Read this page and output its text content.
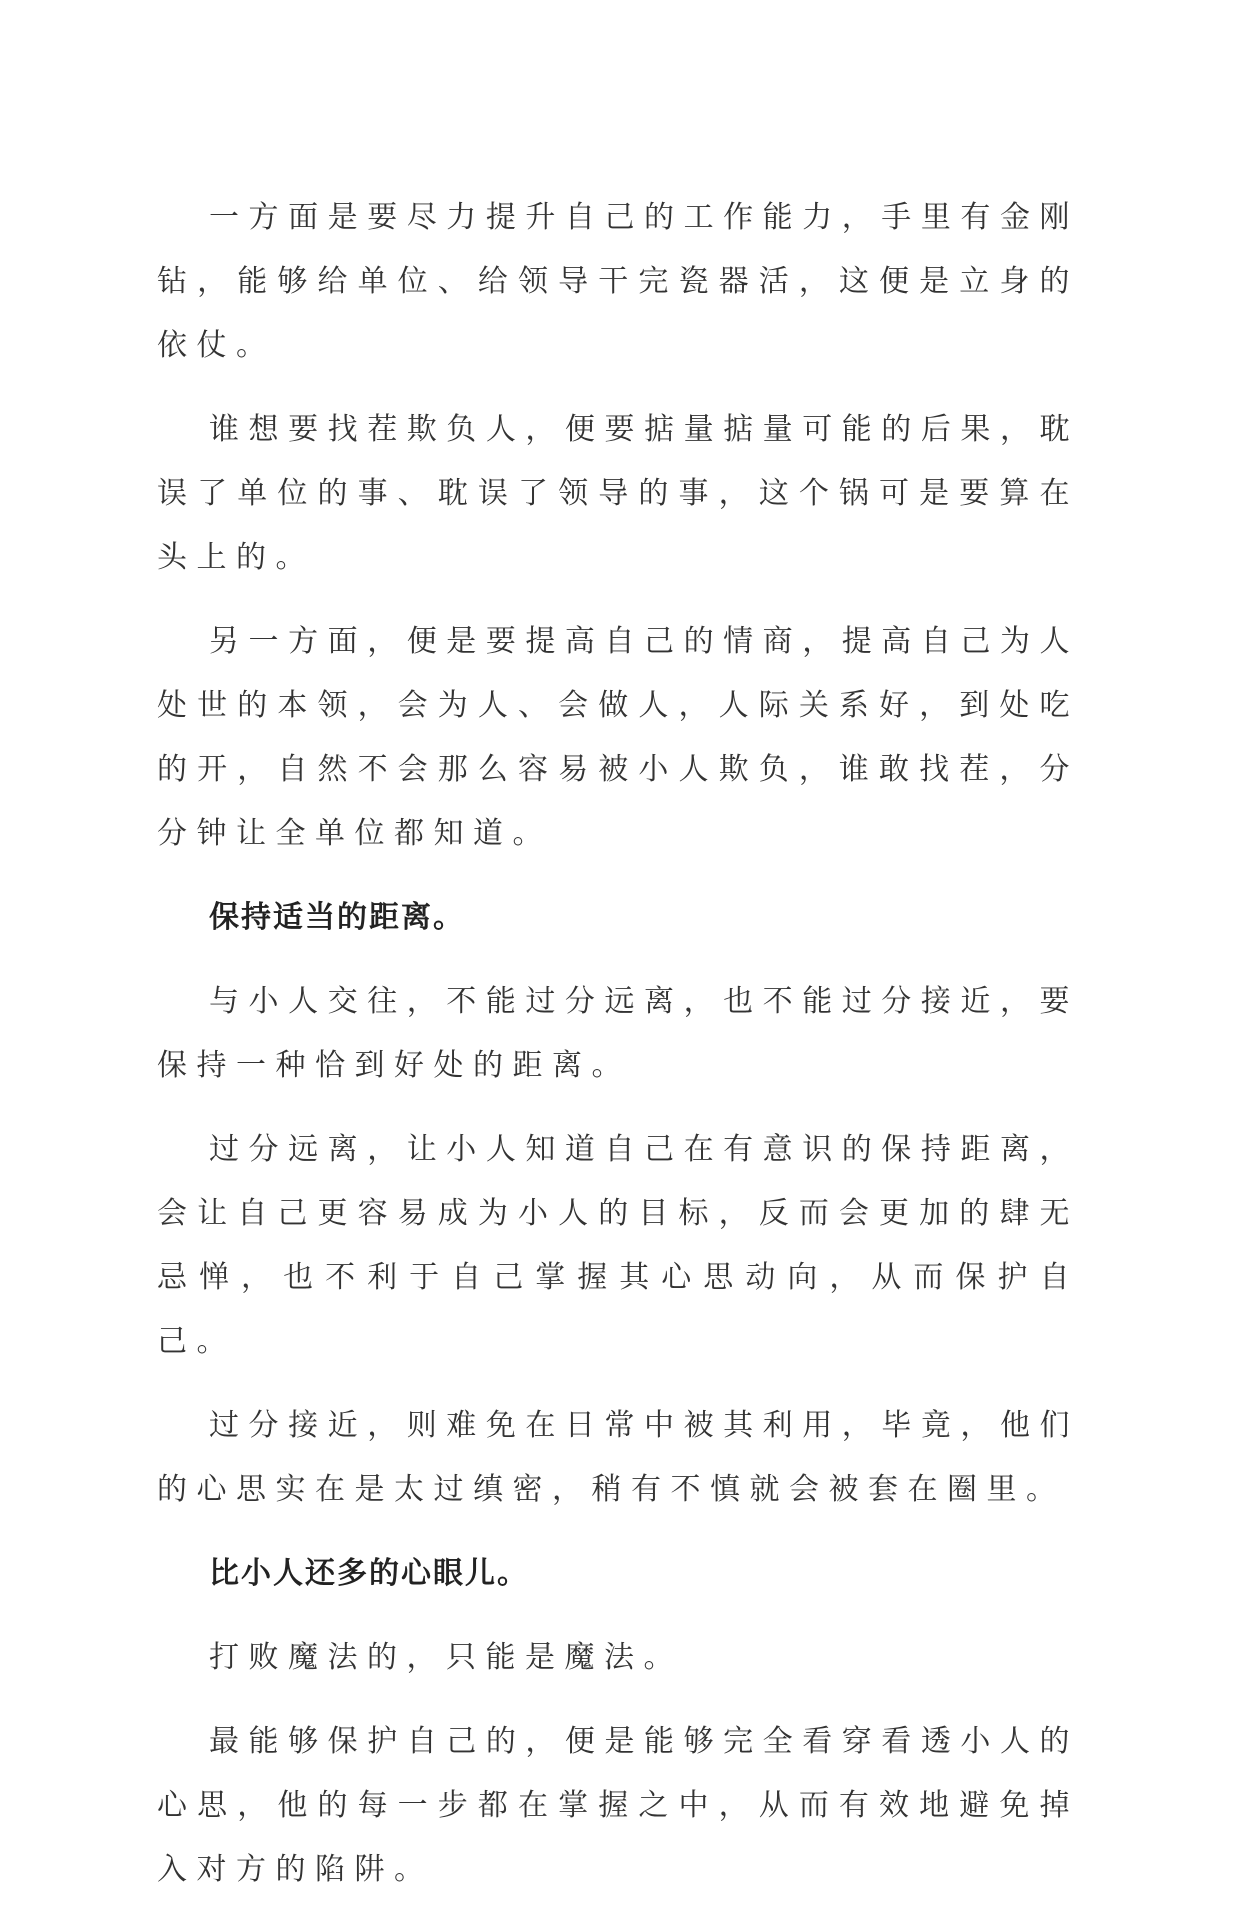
一方面是要尽力提升自己的工作能力，手里有金刚钻，能够给单位、给领导干完瓷器活，这便是立身的依仗。

谁想要找茬欺负人，便要掂量掂量可能的后果，耽误了单位的事、耽误了领导的事，这个锅可是要算在头上的。

另一方面，便是要提高自己的情商，提高自己为人处世的本领，会为人、会做人，人际关系好，到处吃的开，自然不会那么容易被小人欺负，谁敢找茬，分分钟让全单位都知道。

保持适当的距离。

与小人交往，不能过分远离，也不能过分接近，要保持一种恰到好处的距离。

过分远离，让小人知道自己在有意识的保持距离，会让自己更容易成为小人的目标，反而会更加的肆无忌惮，也不利于自己掌握其心思动向，从而保护自己。

过分接近，则难免在日常中被其利用，毕竟，他们的心思实在是太过缜密，稍有不慎就会被套在圈里。

比小人还多的心眼儿。

打败魔法的，只能是魔法。

最能够保护自己的，便是能够完全看穿看透小人的心思，他的每一步都在掌握之中，从而有效地避免掉入对方的陷阱。
